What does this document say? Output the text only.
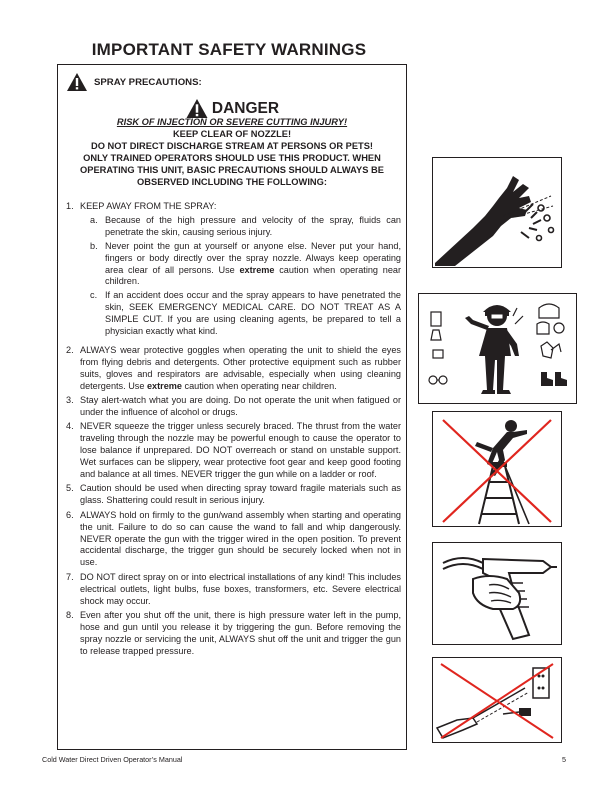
IMPORTANT SAFETY WARNINGS
SPRAY PRECAUTIONS:
DANGER
RISK OF INJECTION OR SEVERE CUTTING INJURY!
KEEP CLEAR OF NOZZLE!
DO NOT DIRECT DISCHARGE STREAM AT PERSONS OR PETS!
ONLY TRAINED OPERATORS SHOULD USE THIS PRODUCT. WHEN
OPERATING THIS UNIT, BASIC PRECAUTIONS SHOULD ALWAYS BE
OBSERVED INCLUDING THE FOLLOWING:
1. KEEP AWAY FROM THE SPRAY:
a. Because of the high pressure and velocity of the spray, fluids can penetrate the skin, causing serious injury.
b. Never point the gun at yourself or anyone else. Never put your hand, fingers or body directly over the spray nozzle. Always keep operating area clear of all persons. Use extreme caution when operating near children.
c. If an accident does occur and the spray appears to have penetrated the skin, SEEK EMERGENCY MEDICAL CARE. DO NOT TREAT AS A SIMPLE CUT. If you are using cleaning agents, be prepared to tell a physician exactly what kind.
2. ALWAYS wear protective goggles when operating the unit to shield the eyes from flying debris and detergents. Other protective equipment such as rubber suits, gloves and respirators are advisable, especially when using cleaning detergents. Use extreme caution when operating near children.
3. Stay alert-watch what you are doing. Do not operate the unit when fatigued or under the influence of alcohol or drugs.
4. NEVER squeeze the trigger unless securely braced. The thrust from the water traveling through the nozzle may be powerful enough to cause the operator to lose balance if unprepared. DO NOT overreach or stand on unstable support. Wet surfaces can be slippery, wear protective foot gear and keep good footing and balance at all times. NEVER trigger the gun while on a ladder or roof.
5. Caution should be used when directing spray toward fragile materials such as glass. Shattering could result in serious injury.
6. ALWAYS hold on firmly to the gun/wand assembly when starting and operating the unit. Failure to do so can cause the wand to fall and whip dangerously. NEVER operate the gun with the trigger wired in the open position. To prevent accidental discharge, the trigger gun should be securely locked when not in use.
7. DO NOT direct spray on or into electrical installations of any kind! This includes electrical outlets, light bulbs, fuse boxes, transformers, etc. Severe electrical shock may occur.
8. Even after you shut off the unit, there is high pressure water left in the pump, hose and gun until you release it by triggering the gun. Before removing the spray nozzle or servicing the unit, ALWAYS shut off the unit and trigger the gun to release trapped pressure.
Cold Water Direct Driven Operator’s Manual	5
